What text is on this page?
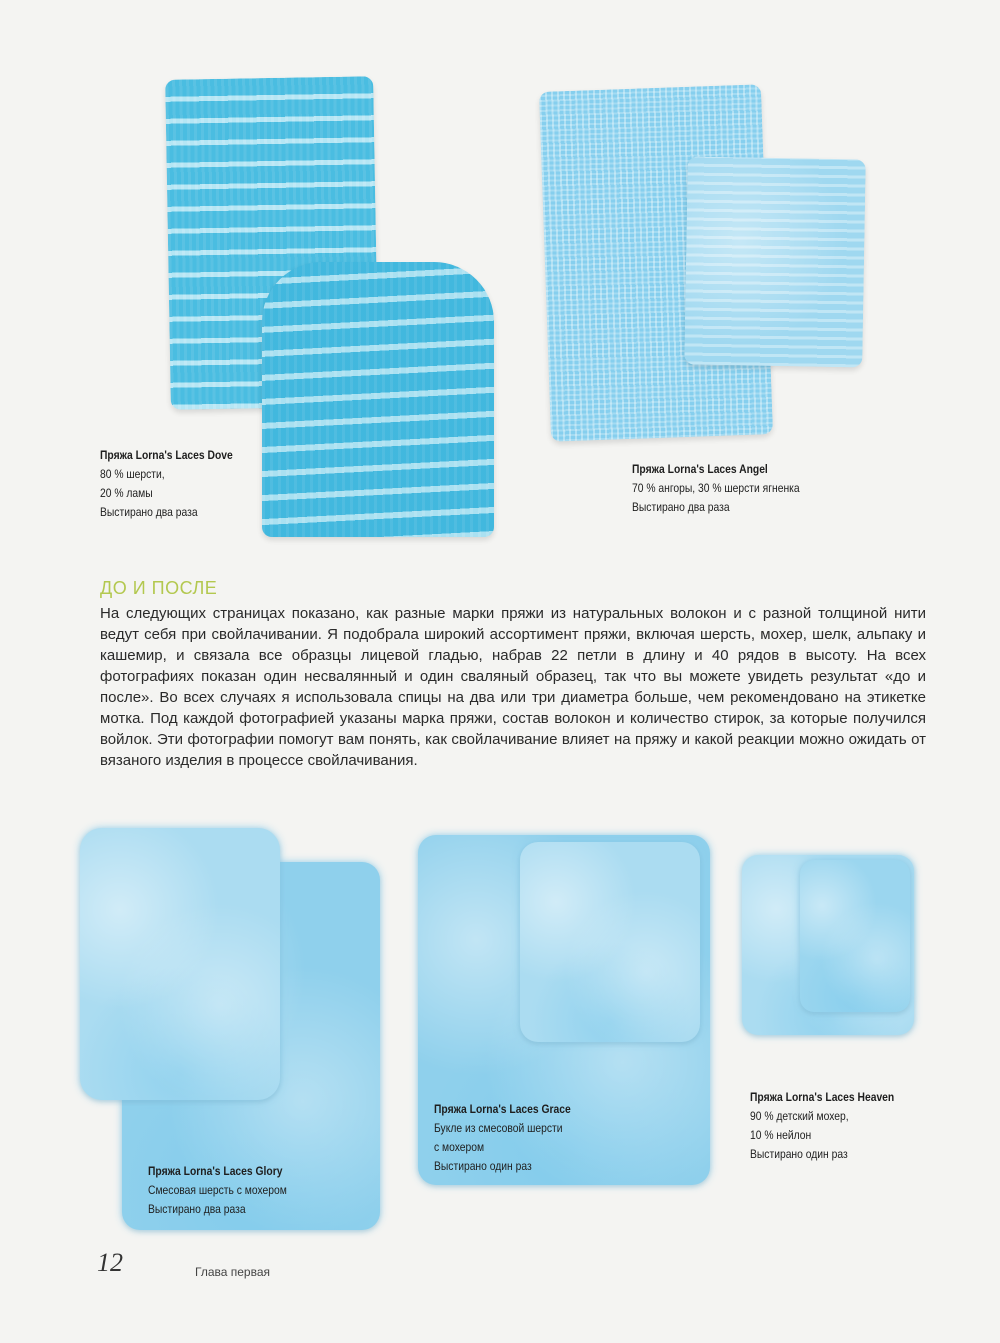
Пряжа Lorna's Laces Dove
80 % шерсти,
20 % ламы
Выстирано два раза
Пряжа Lorna's Laces Angel
70 % ангоры, 30 % шерсти ягненка
Выстирано два раза
ДО И ПОСЛЕ
На следующих страницах показано, как разные марки пряжи из натуральных волокон и с разной толщиной нити ведут себя при свойлачивании. Я подобрала широкий ассортимент пряжи, включая шерсть, мохер, шелк, альпаку и кашемир, и связала все образцы лицевой гладью, набрав 22 петли в длину и 40 рядов в высоту. На всех фотографиях показан один несвалянный и один сваляный образец, так что вы можете увидеть результат «до и после». Во всех случаях я использовала спицы на два или три диаметра больше, чем рекомендовано на этикетке мотка. Под каждой фотографией указаны марка пряжи, состав волокон и количество стирок, за которые получился войлок. Эти фотографии помогут вам понять, как свойлачивание влияет на пряжу и какой реакции можно ожидать от вязаного изделия в процессе свойлачивания.
Пряжа Lorna's Laces Glory
Смесовая шерсть с мохером
Выстирано два раза
Пряжа Lorna's Laces Grace
Букле из смесовой шерсти
с мохером
Выстирано один раз
Пряжа Lorna's Laces Heaven
90 % детский мохер,
10 % нейлон
Выстирано один раз
12	Глава первая
